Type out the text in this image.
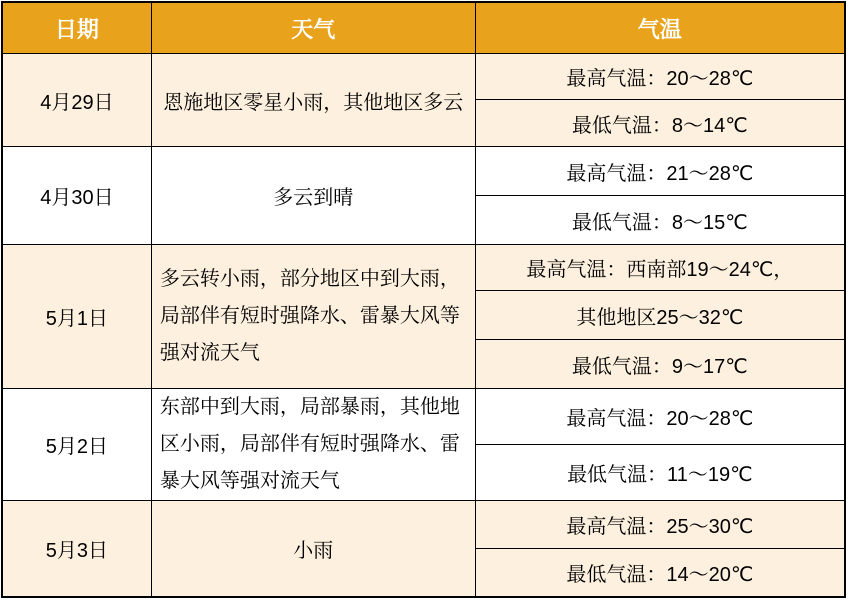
日期	天气	气温
4月29日	恩施地区零星小雨，其他地区多云	最高气温：20～28℃
		最低气温：8～14℃
4月30日	多云到晴	最高气温：21～28℃
		最低气温：8～15℃
5月1日	多云转小雨，部分地区中到大雨，局部伴有短时强降水、雷暴大风等强对流天气	最高气温：西南部19～24℃，
		其他地区25～32℃
		最低气温：9～17℃
5月2日	东部中到大雨，局部暴雨，其他地区小雨，局部伴有短时强降水、雷暴大风等强对流天气	最高气温：20～28℃
		最低气温：11～19℃
5月3日	小雨	最高气温：25～30℃
		最低气温：14～20℃
